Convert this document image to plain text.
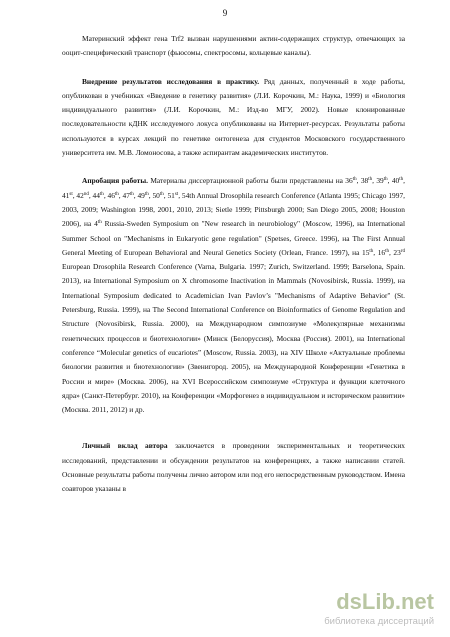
9

Материнский эффект гена Trf2 вызван нарушениями актин-содержащих структур, отвечающих за ооцит-специфический транспорт (фьюсомы, спектросомы, кольцевые каналы).

Внедрение результатов исследования в практику. Ряд данных, полученный в ходе работы, опубликован в учебниках «Введение в генетику развития» (Л.И. Корочкин, М.: Наука, 1999) и «Биология индивидуального развития» (Л.И. Корочкин, М.: Изд-во МГУ, 2002). Новые клонированные последовательности кДНК исследуемого локуса опубликованы на Интернет-ресурсах. Результаты работы используются в курсах лекций по генетике онтогенеза для студентов Московского государственного университета им. М.В. Ломоносова, а также аспирантам академических институтов.

Апробация работы. Материалы диссертационной работы были представлены на 36th, 38th, 39th, 40th, 41st, 42nd, 44th, 46th, 47th, 49th, 50th, 51st, 54th Annual Drosophila research Conference (Atlanta 1995; Chicago 1997, 2003, 2009; Washington 1998, 2001, 2010, 2013; Sietle 1999; Pittsburgh 2000; San Diego 2005, 2008; Houston 2006), на 4th Russia-Sweden Symposium on "New research in neurobiology" (Moscow, 1996), на International Summer School on "Mechanisms in Eukaryotic gene regulation" (Spetses, Greece. 1996), на The First Annual General Meeting of European Behavioral and Neural Genetics Society (Orlean, France. 1997), на 15th, 16th, 23rd European Drosophila Research Conference (Varna, Bulgaria. 1997; Zurich, Switzerland. 1999; Barselona, Spain. 2013), на International Symposium on X chromosome Inactivation in Mammals (Novosibirsk, Russia. 1999), на International Symposium dedicated to Academician Ivan Pavlov’s "Mechanisms of Adaptive Behavior" (St. Petersburg, Russia. 1999), на The Second International Conference on Bioinformatics of Genome Regulation and Structure (Novosibirsk, Russia. 2000), на Международном симпозиуме «Молекулярные механизмы генетических процессов и биотехнологии» (Минск (Белоруссия), Москва (Россия). 2001), на International conference “Molecular genetics of eucariotes” (Moscow, Russia. 2003), на XIV Школе «Актуальные проблемы биологии развития и биотехнологии» (Звенигород. 2005), на Международной Конференции «Генетика в России и мире» (Москва. 2006), на XVI Всероссийском симпозиуме «Структура и функции клеточного ядра» (Санкт-Петербург. 2010), на Конференции «Морфогенез в индивидуальном и историческом развитии» (Москва. 2011, 2012) и др.

Личный вклад автора заключается в проведении экспериментальных и теоретических исследований, представлении и обсуждении результатов на конференциях, а также написании статей. Основные результаты работы получены лично автором или под его непосредственным руководством. Имена соавторов указаны в

dsLib.net
библиотека диссертаций
